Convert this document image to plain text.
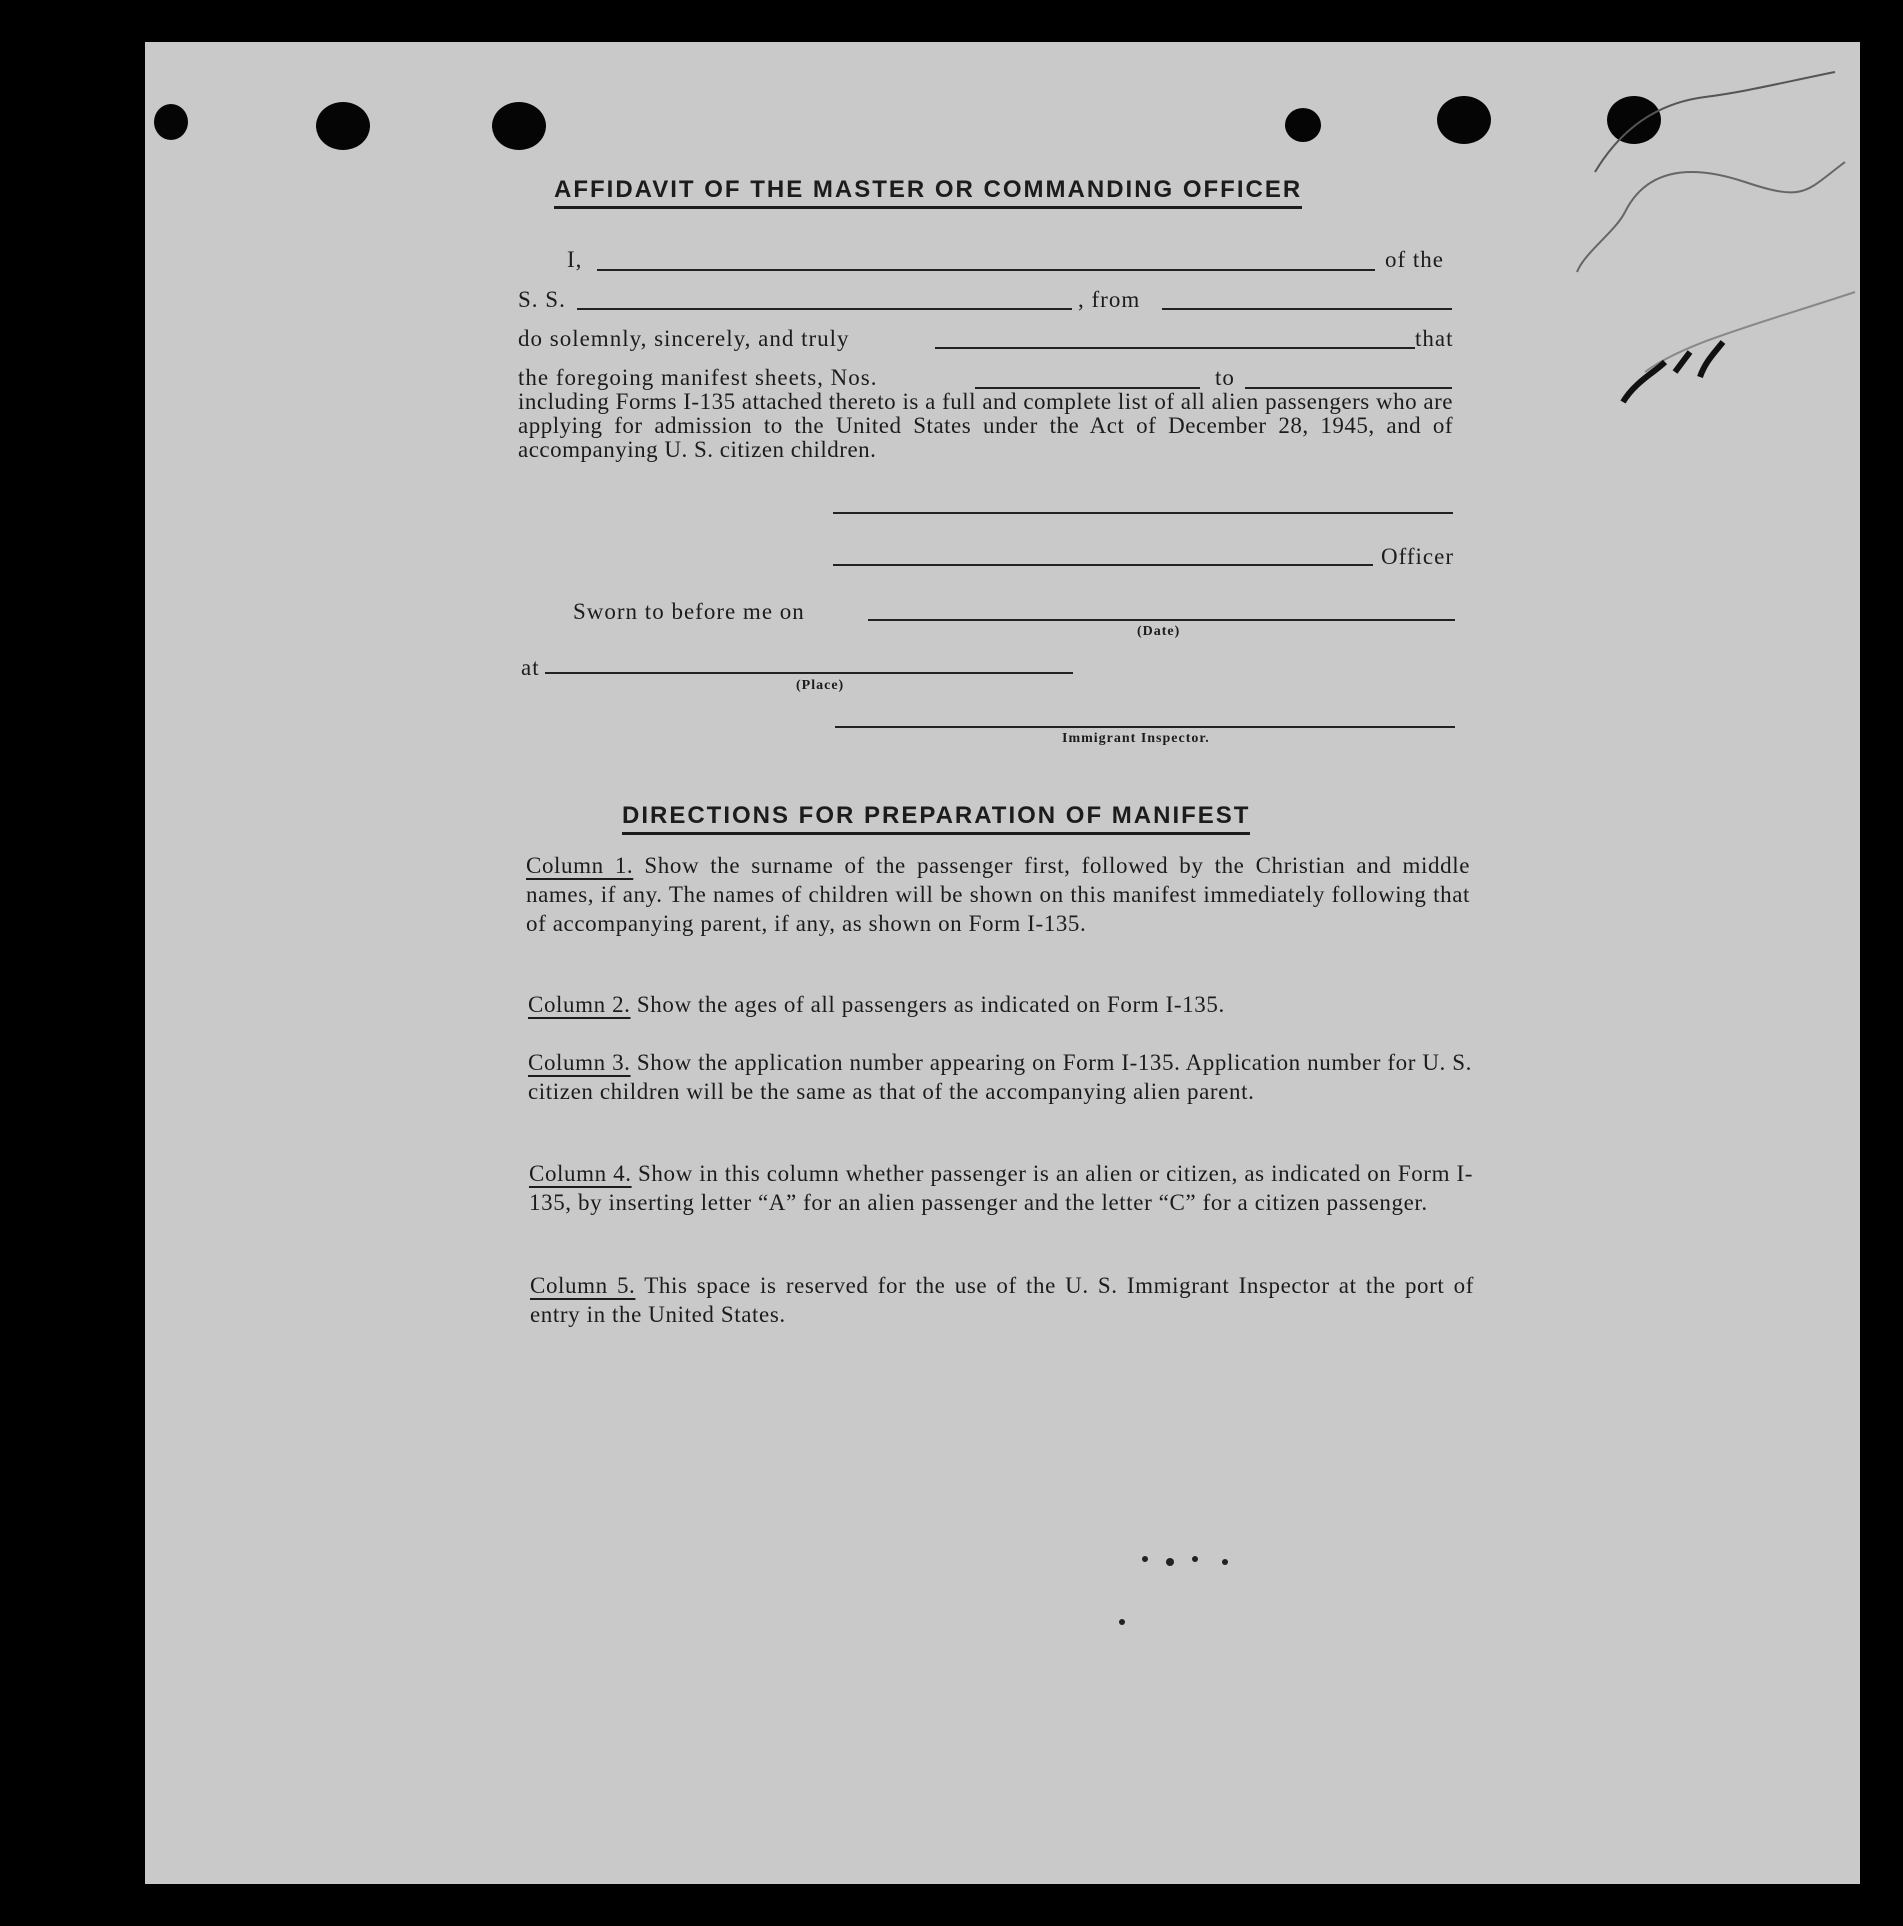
AFFIDAVIT OF THE MASTER OR COMMANDING OFFICER
I,	of the
S. S.	, from
do solemnly, sincerely, and truly	that
the foregoing manifest sheets, Nos.	to
including Forms I-135 attached thereto is a full and complete list of all alien passengers who are applying for admission to the United States under the Act of December 28, 1945, and of accompanying U. S. citizen children.
Officer
Sworn to before me on
(Date)
at
(Place)
Immigrant Inspector.
DIRECTIONS FOR PREPARATION OF MANIFEST
Column 1. Show the surname of the passenger first, followed by the Christian and middle names, if any. The names of children will be shown on this manifest immediately following that of accompanying parent, if any, as shown on Form I-135.
Column 2. Show the ages of all passengers as indicated on Form I-135.
Column 3. Show the application number appearing on Form I-135. Application number for U. S. citizen children will be the same as that of the accompanying alien parent.
Column 4. Show in this column whether passenger is an alien or citizen, as indicated on Form I-135, by inserting letter “A” for an alien passenger and the letter “C” for a citizen passenger.
Column 5. This space is reserved for the use of the U. S. Immigrant Inspector at the port of entry in the United States.
